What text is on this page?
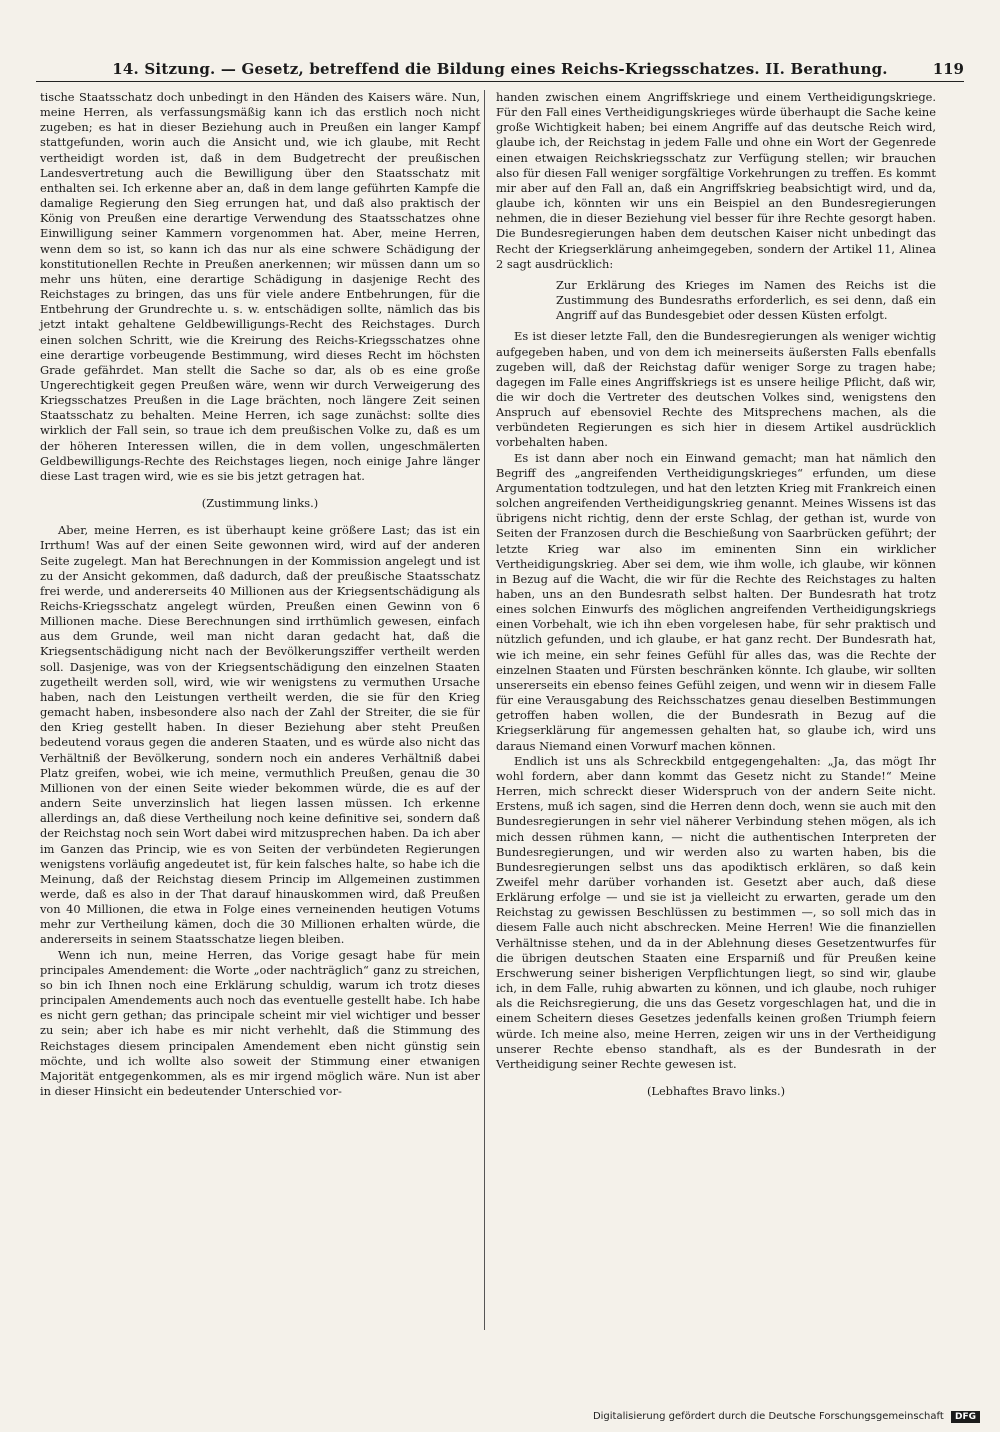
14. Sitzung. — Gesetz, betreffend die Bildung eines Reichs-Kriegsschatzes. II. Berathung.	119

tische Staatsschatz doch unbedingt in den Händen des Kaisers wäre. Nun, meine Herren, als verfassungsmäßig kann ich das erstlich noch nicht zugeben; es hat in dieser Beziehung auch in Preußen ein langer Kampf stattgefunden, worin auch die Ansicht und, wie ich glaube, mit Recht vertheidigt worden ist, daß in dem Budgetrecht der preußischen Landesvertretung auch die Bewilligung über den Staatsschatz mit enthalten sei. Ich erkenne aber an, daß in dem lange geführten Kampfe die damalige Regierung den Sieg errungen hat, und daß also praktisch der König von Preußen eine derartige Verwendung des Staatsschatzes ohne Einwilligung seiner Kammern vorgenommen hat. Aber, meine Herren, wenn dem so ist, so kann ich das nur als eine schwere Schädigung der konstitutionellen Rechte in Preußen anerkennen; wir müssen dann um so mehr uns hüten, eine derartige Schädigung in dasjenige Recht des Reichstages zu bringen, das uns für viele andere Entbehrungen, für die Entbehrung der Grundrechte u. s. w. entschädigen sollte, nämlich das bis jetzt intakt gehaltene Geldbewilligungs-Recht des Reichstages. Durch einen solchen Schritt, wie die Kreirung des Reichs-Kriegsschatzes ohne eine derartige vorbeugende Bestimmung, wird dieses Recht im höchsten Grade gefährdet. Man stellt die Sache so dar, als ob es eine große Ungerechtigkeit gegen Preußen wäre, wenn wir durch Verweigerung des Kriegsschatzes Preußen in die Lage brächten, noch längere Zeit seinen Staatsschatz zu behalten. Meine Herren, ich sage zunächst: sollte dies wirklich der Fall sein, so traue ich dem preußischen Volke zu, daß es um der höheren Interessen willen, die in dem vollen, ungeschmälerten Geldbewilligungs-Rechte des Reichstages liegen, noch einige Jahre länger diese Last tragen wird, wie es sie bis jetzt getragen hat.

(Zustimmung links.)

Aber, meine Herren, es ist überhaupt keine größere Last; das ist ein Irrthum! Was auf der einen Seite gewonnen wird, wird auf der anderen Seite zugelegt. Man hat Berechnungen in der Kommission angelegt und ist zu der Ansicht gekommen, daß dadurch, daß der preußische Staatsschatz frei werde, und andererseits 40 Millionen aus der Kriegsentschädigung als Reichs-Kriegsschatz angelegt würden, Preußen einen Gewinn von 6 Millionen mache. Diese Berechnungen sind irrthümlich gewesen, einfach aus dem Grunde, weil man nicht daran gedacht hat, daß die Kriegsentschädigung nicht nach der Bevölkerungsziffer vertheilt werden soll. Dasjenige, was von der Kriegsentschädigung den einzelnen Staaten zugetheilt werden soll, wird, wie wir wenigstens zu vermuthen Ursache haben, nach den Leistungen vertheilt werden, die sie für den Krieg gemacht haben, insbesondere also nach der Zahl der Streiter, die sie für den Krieg gestellt haben. In dieser Beziehung aber steht Preußen bedeutend voraus gegen die anderen Staaten, und es würde also nicht das Verhältniß der Bevölkerung, sondern noch ein anderes Verhältniß dabei Platz greifen, wobei, wie ich meine, vermuthlich Preußen, genau die 30 Millionen von der einen Seite wieder bekommen würde, die es auf der andern Seite unverzinslich hat liegen lassen müssen. Ich erkenne allerdings an, daß diese Vertheilung noch keine definitive sei, sondern daß der Reichstag noch sein Wort dabei wird mitzusprechen haben. Da ich aber im Ganzen das Princip, wie es von Seiten der verbündeten Regierungen wenigstens vorläufig angedeutet ist, für kein falsches halte, so habe ich die Meinung, daß der Reichstag diesem Princip im Allgemeinen zustimmen werde, daß es also in der That darauf hinauskommen wird, daß Preußen von 40 Millionen, die etwa in Folge eines verneinenden heutigen Votums mehr zur Vertheilung kämen, doch die 30 Millionen erhalten würde, die andererseits in seinem Staatsschatze liegen bleiben.

Wenn ich nun, meine Herren, das Vorige gesagt habe für mein principales Amendement: die Worte „oder nachträglich“ ganz zu streichen, so bin ich Ihnen noch eine Erklärung schuldig, warum ich trotz dieses principalen Amendements auch noch das eventuelle gestellt habe. Ich habe es nicht gern gethan; das principale scheint mir viel wichtiger und besser zu sein; aber ich habe es mir nicht verhehlt, daß die Stimmung des Reichstages diesem principalen Amendement eben nicht günstig sein möchte, und ich wollte also soweit der Stimmung einer etwanigen Majorität entgegenkommen, als es mir irgend möglich wäre. Nun ist aber in dieser Hinsicht ein bedeutender Unterschied vor-

handen zwischen einem Angriffskriege und einem Vertheidigungskriege. Für den Fall eines Vertheidigungskrieges würde überhaupt die Sache keine große Wichtigkeit haben; bei einem Angriffe auf das deutsche Reich wird, glaube ich, der Reichstag in jedem Falle und ohne ein Wort der Gegenrede einen etwaigen Reichskriegsschatz zur Verfügung stellen; wir brauchen also für diesen Fall weniger sorgfältige Vorkehrungen zu treffen. Es kommt mir aber auf den Fall an, daß ein Angriffskrieg beabsichtigt wird, und da, glaube ich, könnten wir uns ein Beispiel an den Bundesregierungen nehmen, die in dieser Beziehung viel besser für ihre Rechte gesorgt haben. Die Bundesregierungen haben dem deutschen Kaiser nicht unbedingt das Recht der Kriegserklärung anheimgegeben, sondern der Artikel 11, Alinea 2 sagt ausdrücklich:

Zur Erklärung des Krieges im Namen des Reichs ist die Zustimmung des Bundesraths erforderlich, es sei denn, daß ein Angriff auf das Bundesgebiet oder dessen Küsten erfolgt.

Es ist dieser letzte Fall, den die Bundesregierungen als weniger wichtig aufgegeben haben, und von dem ich meinerseits äußersten Falls ebenfalls zugeben will, daß der Reichstag dafür weniger Sorge zu tragen habe; dagegen im Falle eines Angriffskriegs ist es unsere heilige Pflicht, daß wir, die wir doch die Vertreter des deutschen Volkes sind, wenigstens den Anspruch auf ebensoviel Rechte des Mitsprechens machen, als die verbündeten Regierungen es sich hier in diesem Artikel ausdrücklich vorbehalten haben.

Es ist dann aber noch ein Einwand gemacht; man hat nämlich den Begriff des „angreifenden Vertheidigungskrieges“ erfunden, um diese Argumentation todtzulegen, und hat den letzten Krieg mit Frankreich einen solchen angreifenden Vertheidigungskrieg genannt. Meines Wissens ist das übrigens nicht richtig, denn der erste Schlag, der gethan ist, wurde von Seiten der Franzosen durch die Beschießung von Saarbrücken geführt; der letzte Krieg war also im eminenten Sinn ein wirklicher Vertheidigungskrieg. Aber sei dem, wie ihm wolle, ich glaube, wir können in Bezug auf die Wacht, die wir für die Rechte des Reichstages zu halten haben, uns an den Bundesrath selbst halten. Der Bundesrath hat trotz eines solchen Einwurfs des möglichen angreifenden Vertheidigungskriegs einen Vorbehalt, wie ich ihn eben vorgelesen habe, für sehr praktisch und nützlich gefunden, und ich glaube, er hat ganz recht. Der Bundesrath hat, wie ich meine, ein sehr feines Gefühl für alles das, was die Rechte der einzelnen Staaten und Fürsten beschränken könnte. Ich glaube, wir sollten unsererseits ein ebenso feines Gefühl zeigen, und wenn wir in diesem Falle für eine Verausgabung des Reichsschatzes genau dieselben Bestimmungen getroffen haben wollen, die der Bundesrath in Bezug auf die Kriegserklärung für angemessen gehalten hat, so glaube ich, wird uns daraus Niemand einen Vorwurf machen können.

Endlich ist uns als Schreckbild entgegengehalten: „Ja, das mögt Ihr wohl fordern, aber dann kommt das Gesetz nicht zu Stande!“ Meine Herren, mich schreckt dieser Widerspruch von der andern Seite nicht. Erstens, muß ich sagen, sind die Herren denn doch, wenn sie auch mit den Bundesregierungen in sehr viel näherer Verbindung stehen mögen, als ich mich dessen rühmen kann, — nicht die authentischen Interpreten der Bundesregierungen, und wir werden also zu warten haben, bis die Bundesregierungen selbst uns das apodiktisch erklären, so daß kein Zweifel mehr darüber vorhanden ist. Gesetzt aber auch, daß diese Erklärung erfolge — und sie ist ja vielleicht zu erwarten, gerade um den Reichstag zu gewissen Beschlüssen zu bestimmen —, so soll mich das in diesem Falle auch nicht abschrecken. Meine Herren! Wie die finanziellen Verhältnisse stehen, und da in der Ablehnung dieses Gesetzentwurfes für die übrigen deutschen Staaten eine Ersparniß und für Preußen keine Erschwerung seiner bisherigen Verpflichtungen liegt, so sind wir, glaube ich, in dem Falle, ruhig abwarten zu können, und ich glaube, noch ruhiger als die Reichsregierung, die uns das Gesetz vorgeschlagen hat, und die in einem Scheitern dieses Gesetzes jedenfalls keinen großen Triumph feiern würde. Ich meine also, meine Herren, zeigen wir uns in der Vertheidigung unserer Rechte ebenso standhaft, als es der Bundesrath in der Vertheidigung seiner Rechte gewesen ist.

(Lebhaftes Bravo links.)

Digitalisierung gefördert durch die Deutsche Forschungsgemeinschaft DFG
